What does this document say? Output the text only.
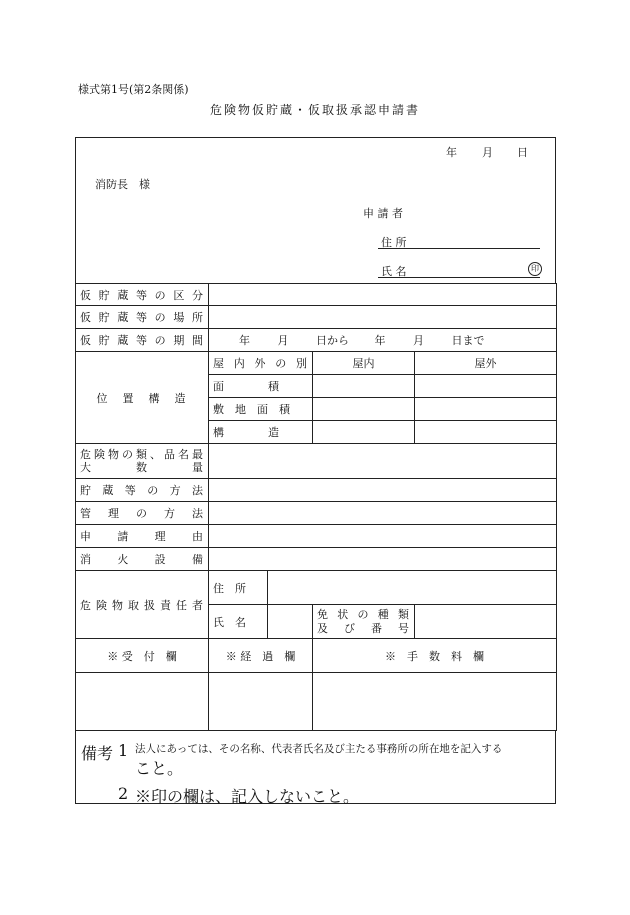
様式第1号(第2条関係)
危険物仮貯蔵・仮取扱承認申請書
年 月 日
消防長　様
申 請 者
住 所
氏 名	印
仮 貯 蔵 等 の 区 分				
仮 貯 蔵 等 の 場 所				
仮 貯 蔵 等 の 期 間	年 月 日から 年 月 日まで			
位　置　構　造	屋 内 外 の 別		屋内	屋外
	面　　　　積			
	敷　地　面　積			
	構　　　　造			

危険物の類、品名最
大　　数　　量				

貯 蔵 等 の 方 法				
管　理　の　方　法				
申　請　理　由				
消　火　設　備				
危険物取扱責任者	住　所			
	氏　名		免 状 の 種 類
及 び 番 号	

※ 受　付　欄	※ 経　過　欄		※　手　数　料　欄	

備考 1 法人にあっては、その名称、代表者氏名及び主たる事務所の所在地を記入する
こと。
2 ※印の欄は、記入しないこと。
